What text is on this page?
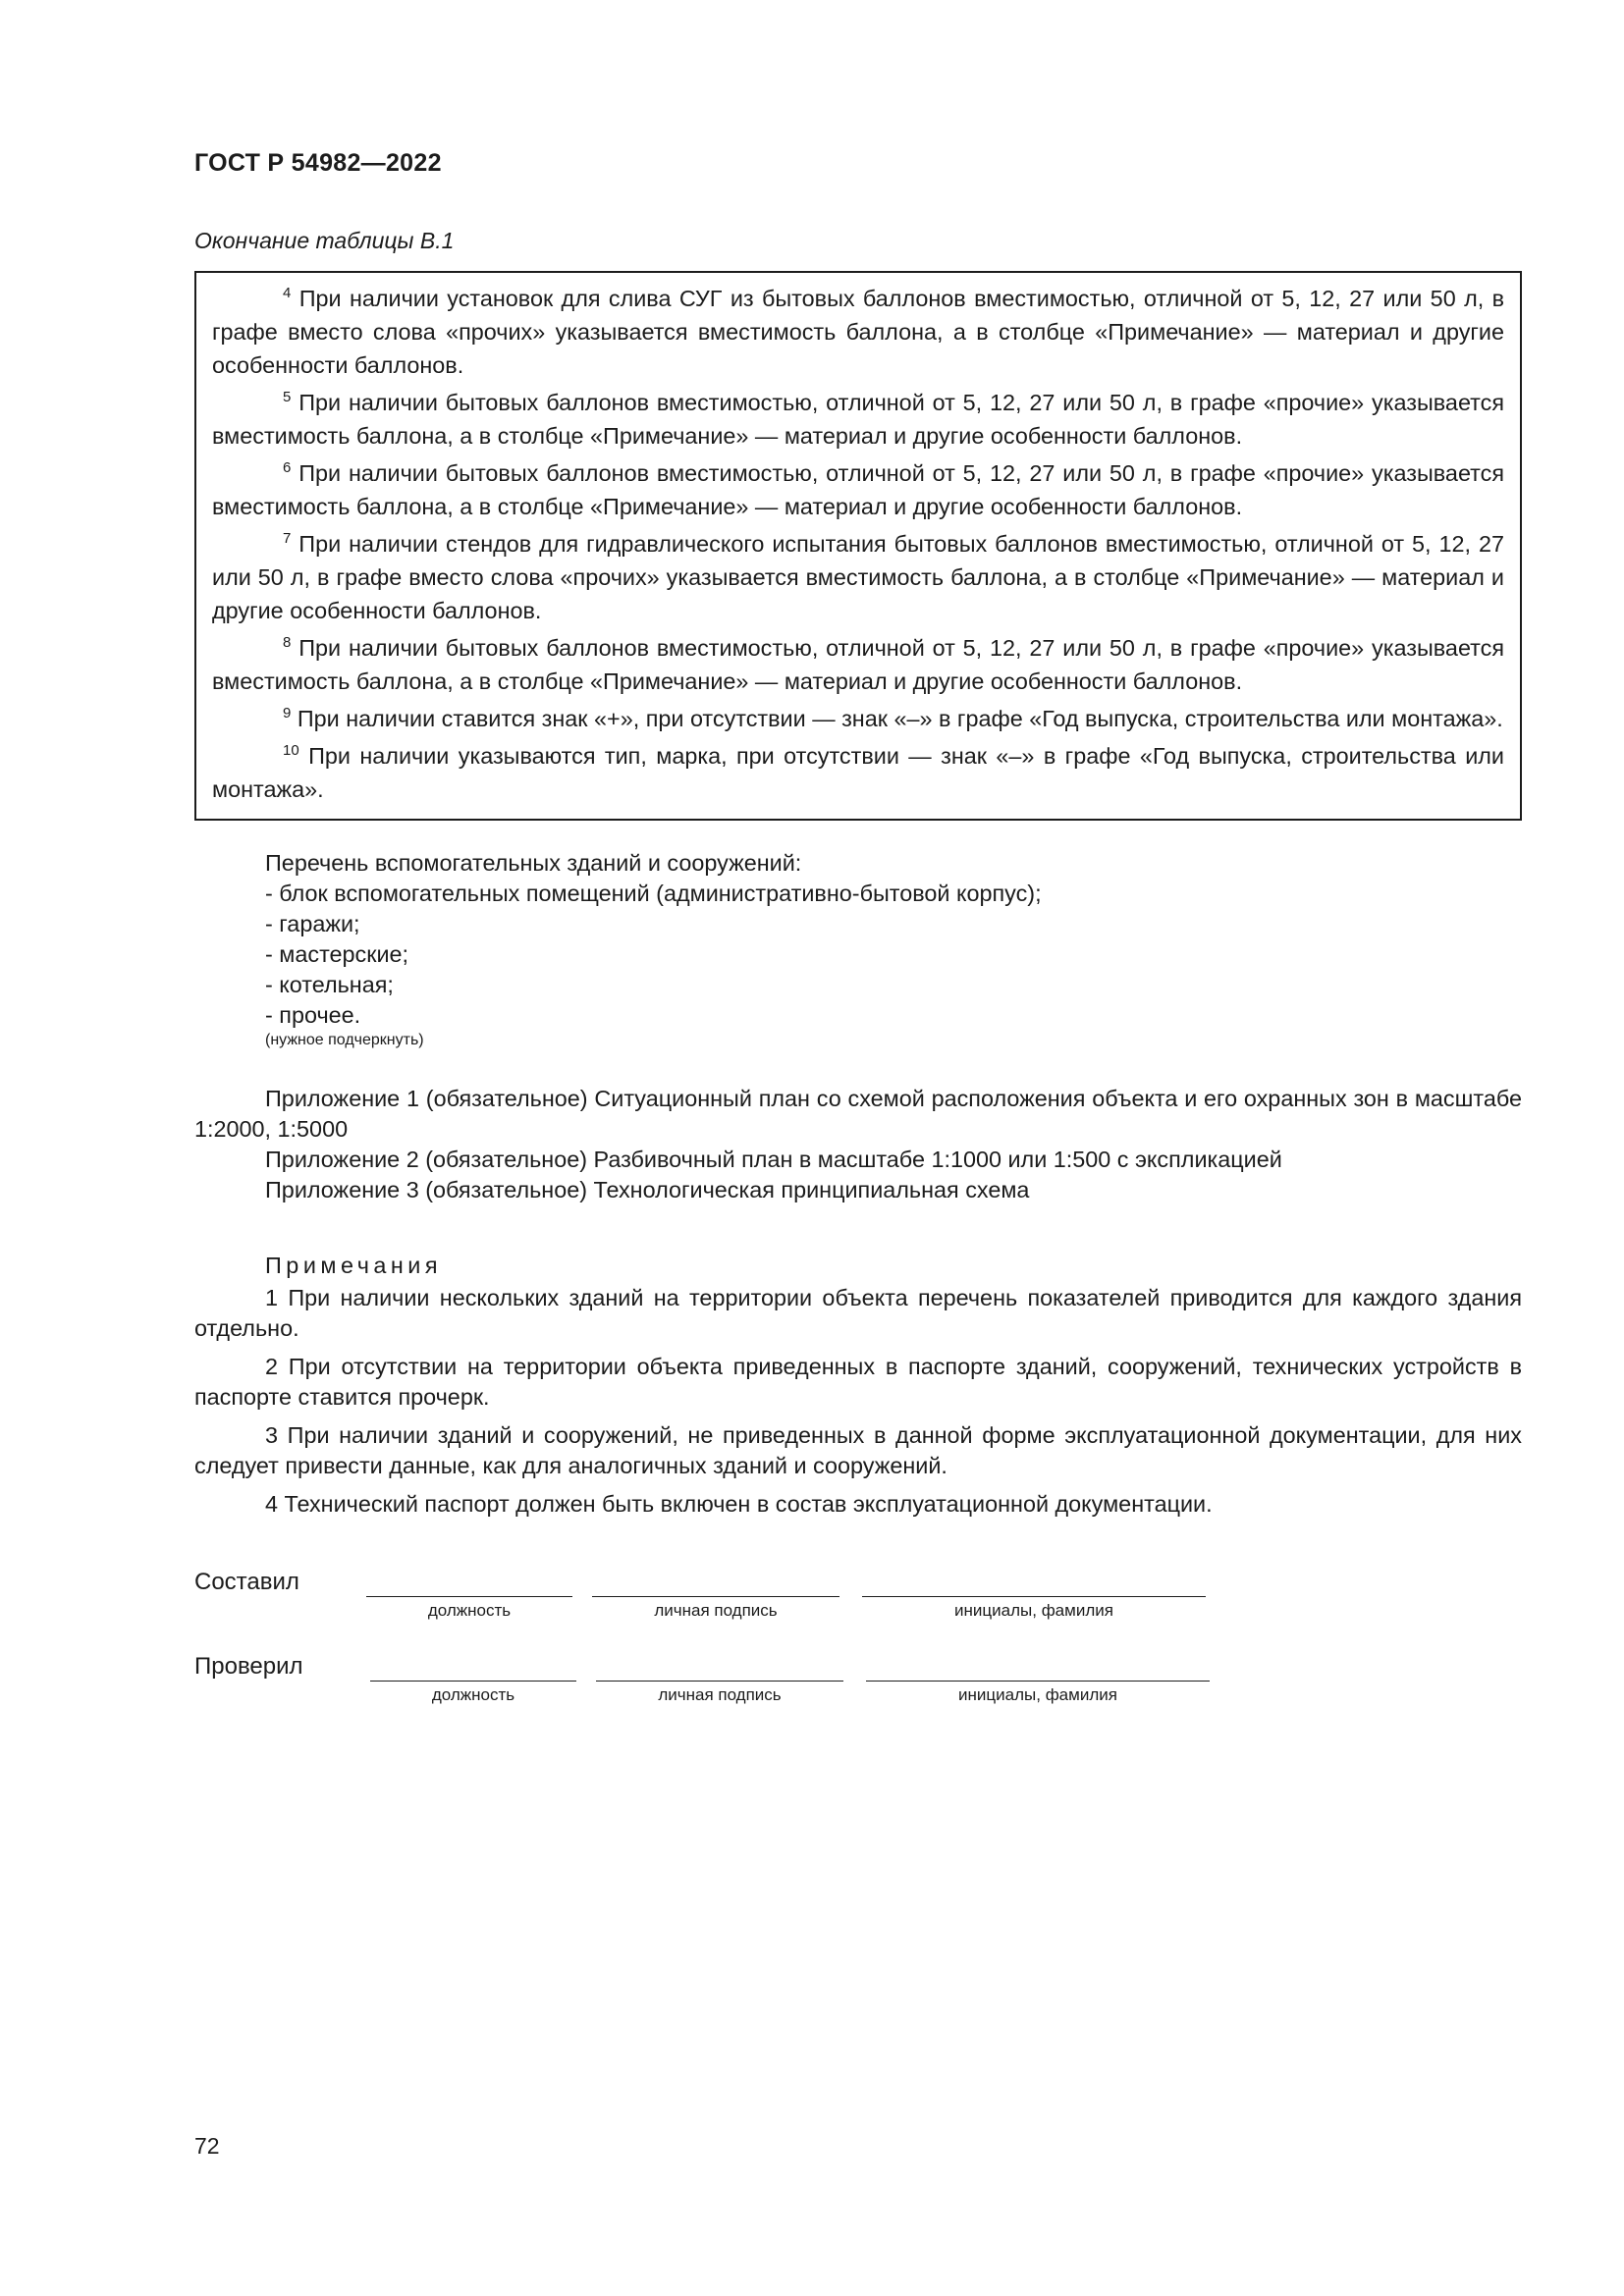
ГОСТ Р 54982—2022
Окончание таблицы В.1

$^4$ При наличии установок для слива СУГ из бытовых баллонов вместимостью, отличной от 5, 12, 27 или 50 л, в графе вместо слова «прочих» указывается вместимость баллона, а в столбце «Примечание» — материал и другие особенности баллонов.

$^5$ При наличии бытовых баллонов вместимостью, отличной от 5, 12, 27 или 50 л, в графе «прочие» указывается вместимость баллона, а в столбце «Примечание» — материал и другие особенности баллонов.

$^6$ При наличии бытовых баллонов вместимостью, отличной от 5, 12, 27 или 50 л, в графе «прочие» указывается вместимость баллона, а в столбце «Примечание» — материал и другие особенности баллонов.

$^7$ При наличии стендов для гидравлического испытания бытовых баллонов вместимостью, отличной от 5, 12, 27 или 50 л, в графе вместо слова «прочих» указывается вместимость баллона, а в столбце «Примечание» — материал и другие особенности баллонов.

$^8$ При наличии бытовых баллонов вместимостью, отличной от 5, 12, 27 или 50 л, в графе «прочие» указывается вместимость баллона, а в столбце «Примечание» — материал и другие особенности баллонов.

$^9$ При наличии ставится знак «+», при отсутствии — знак «–» в графе «Год выпуска, строительства или монтажа».

$^{10}$ При наличии указываются тип, марка, при отсутствии — знак «–» в графе «Год выпуска, строительства или монтажа».

Перечень вспомогательных зданий и сооружений:
- блок вспомогательных помещений (административно-бытовой корпус);
- гаражи;
- мастерские;
- котельная;
- прочее.
(нужное подчеркнуть)

Приложение 1 (обязательное) Ситуационный план со схемой расположения объекта и его охранных зон в масштабе 1:2000, 1:5000

Приложение 2 (обязательное) Разбивочный план в масштабе 1:1000 или 1:500 с экспликацией

Приложение 3 (обязательное) Технологическая принципиальная схема

Примечания

1 При наличии нескольких зданий на территории объекта перечень показателей приводится для каждого здания отдельно.

2 При отсутствии на территории объекта приведенных в паспорте зданий, сооружений, технических устройств в паспорте ставится прочерк.

3 При наличии зданий и сооружений, не приведенных в данной форме эксплуатационной документации, для них следует привести данные, как для аналогичных зданий и сооружений.

4 Технический паспорт должен быть включен в состав эксплуатационной документации.

Составил
должность	личная подпись	инициалы, фамилия
Проверил
должность	личная подпись	инициалы, фамилия
72
